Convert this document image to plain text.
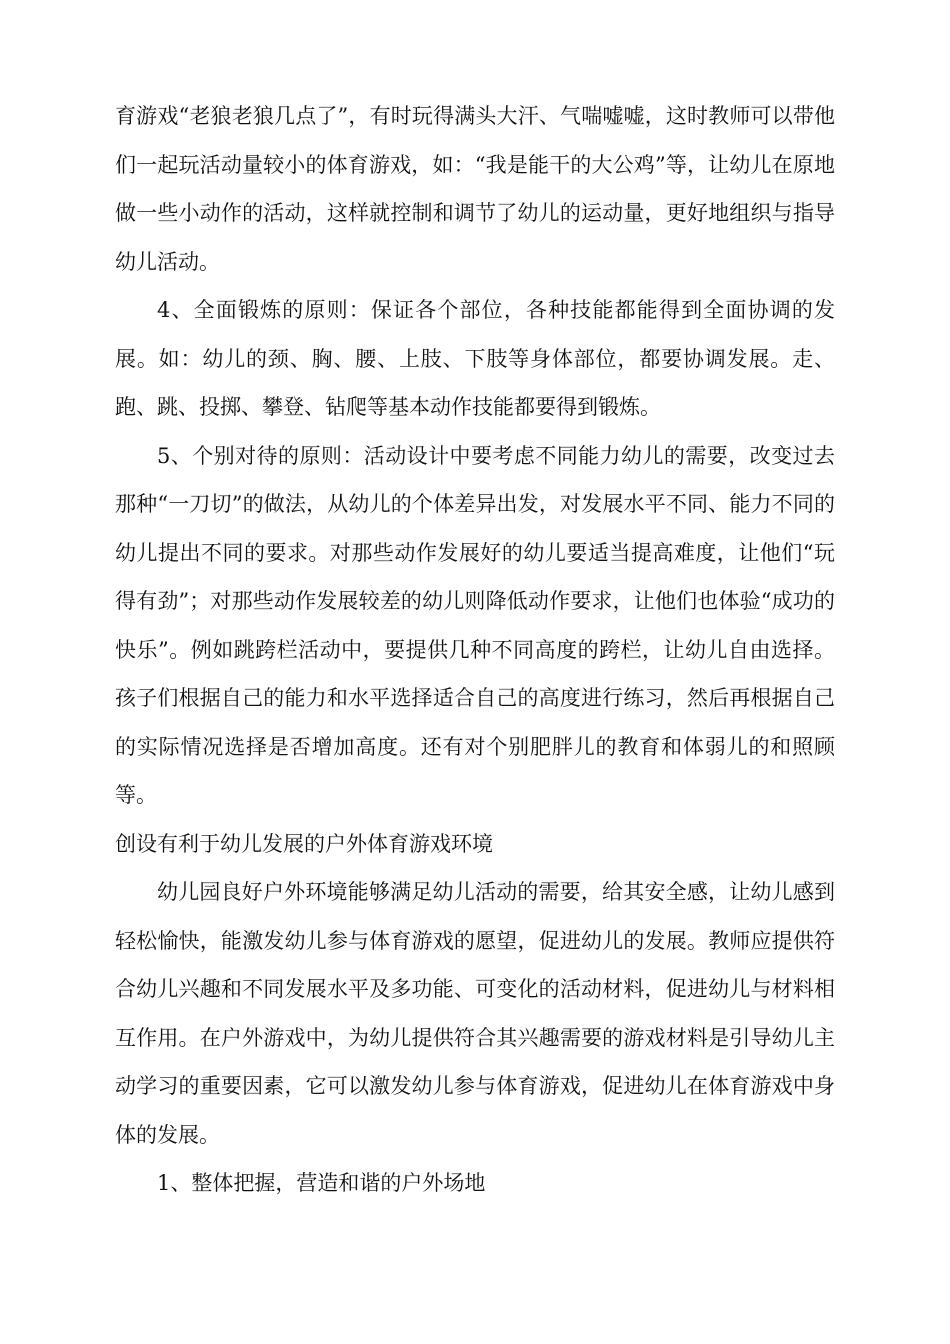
育游戏“老狼老狼几点了”，有时玩得满头大汗、气喘嘘嘘，这时教师可以带他们一起玩活动量较小的体育游戏，如：“我是能干的大公鸡”等，让幼儿在原地做一些小动作的活动，这样就控制和调节了幼儿的运动量，更好地组织与指导幼儿活动。

4、全面锻炼的原则：保证各个部位，各种技能都能得到全面协调的发展。如：幼儿的颈、胸、腰、上肢、下肢等身体部位，都要协调发展。走、跑、跳、投掷、攀登、钻爬等基本动作技能都要得到锻炼。

5、个别对待的原则：活动设计中要考虑不同能力幼儿的需要，改变过去那种“一刀切”的做法，从幼儿的个体差异出发，对发展水平不同、能力不同的幼儿提出不同的要求。对那些动作发展好的幼儿要适当提高难度，让他们“玩得有劲”；对那些动作发展较差的幼儿则降低动作要求，让他们也体验“成功的快乐”。例如跳跨栏活动中，要提供几种不同高度的跨栏，让幼儿自由选择。孩子们根据自己的能力和水平选择适合自己的高度进行练习，然后再根据自己的实际情况选择是否增加高度。还有对个别肥胖儿的教育和体弱儿的和照顾等。

创设有利于幼儿发展的户外体育游戏环境

幼儿园良好户外环境能够满足幼儿活动的需要，给其安全感，让幼儿感到轻松愉快，能激发幼儿参与体育游戏的愿望，促进幼儿的发展。教师应提供符合幼儿兴趣和不同发展水平及多功能、可变化的活动材料，促进幼儿与材料相互作用。在户外游戏中，为幼儿提供符合其兴趣需要的游戏材料是引导幼儿主动学习的重要因素，它可以激发幼儿参与体育游戏，促进幼儿在体育游戏中身体的发展。

1、整体把握，营造和谐的户外场地
